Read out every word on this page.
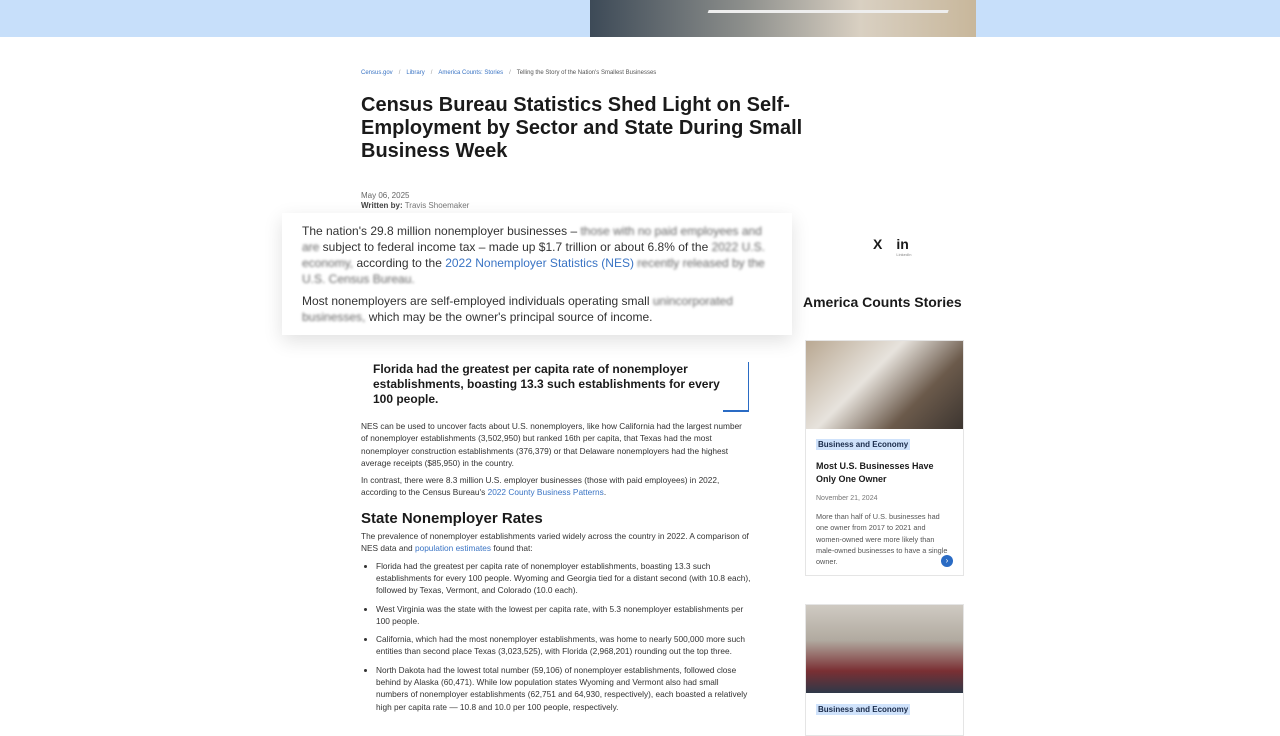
Census.gov / Library / America Counts: Stories / Telling the Story of the Nation's Smallest Businesses
Census Bureau Statistics Shed Light on Self-Employment by Sector and State During Small Business Week
May 06, 2025
Written by: Travis Shoemaker

Florida had the greatest per capita rate of nonemployer establishments, boasting 13.3 such establishments for every 100 people.

NES can be used to uncover facts about U.S. nonemployers, like how California had the largest number of nonemployer establishments (3,502,950) but ranked 16th per capita, that Texas had the most nonemployer construction establishments (376,379) or that Delaware nonemployers had the highest average receipts ($85,950) in the country.

In contrast, there were 8.3 million U.S. employer businesses (those with paid employees) in 2022, according to the Census Bureau's 2022 County Business Patterns.

State Nonemployer Rates

The prevalence of nonemployer establishments varied widely across the country in 2022. A comparison of NES data and population estimates found that:

• Florida had the greatest per capita rate of nonemployer establishments, boasting 13.3 such establishments for every 100 people. Wyoming and Georgia tied for a distant second (with 10.8 each), followed by Texas, Vermont, and Colorado (10.0 each).
• West Virginia was the state with the lowest per capita rate, with 5.3 nonemployer establishments per 100 people.
• California, which had the most nonemployer establishments, was home to nearly 500,000 more such entities than second place Texas (3,023,525), with Florida (2,968,201) rounding out the top three.
• North Dakota had the lowest total number (59,106) of nonemployer establishments, followed close behind by Alaska (60,471). While low population states Wyoming and Vermont also had small numbers of nonemployer establishments (62,751 and 64,930, respectively), each boasted a relatively high per capita rate — 10.8 and 10.0 per 100 people, respectively.
X in
LinkedIn
America Counts Stories
Business and Economy
Most U.S. Businesses Have Only One Owner
November 21, 2024
More than half of U.S. businesses had one owner from 2017 to 2021 and women-owned were more likely than male-owned businesses to have a single owner.	›
Business and Economy

The nation's 29.8 million nonemployer businesses – those with no paid employees and are subject to federal income tax – made up $1.7 trillion or about 6.8% of the 2022 U.S. economy, according to the 2022 Nonemployer Statistics (NES) recently released by the U.S. Census Bureau.

Most nonemployers are self-employed individuals operating small unincorporated businesses, which may be the owner's principal source of income.
